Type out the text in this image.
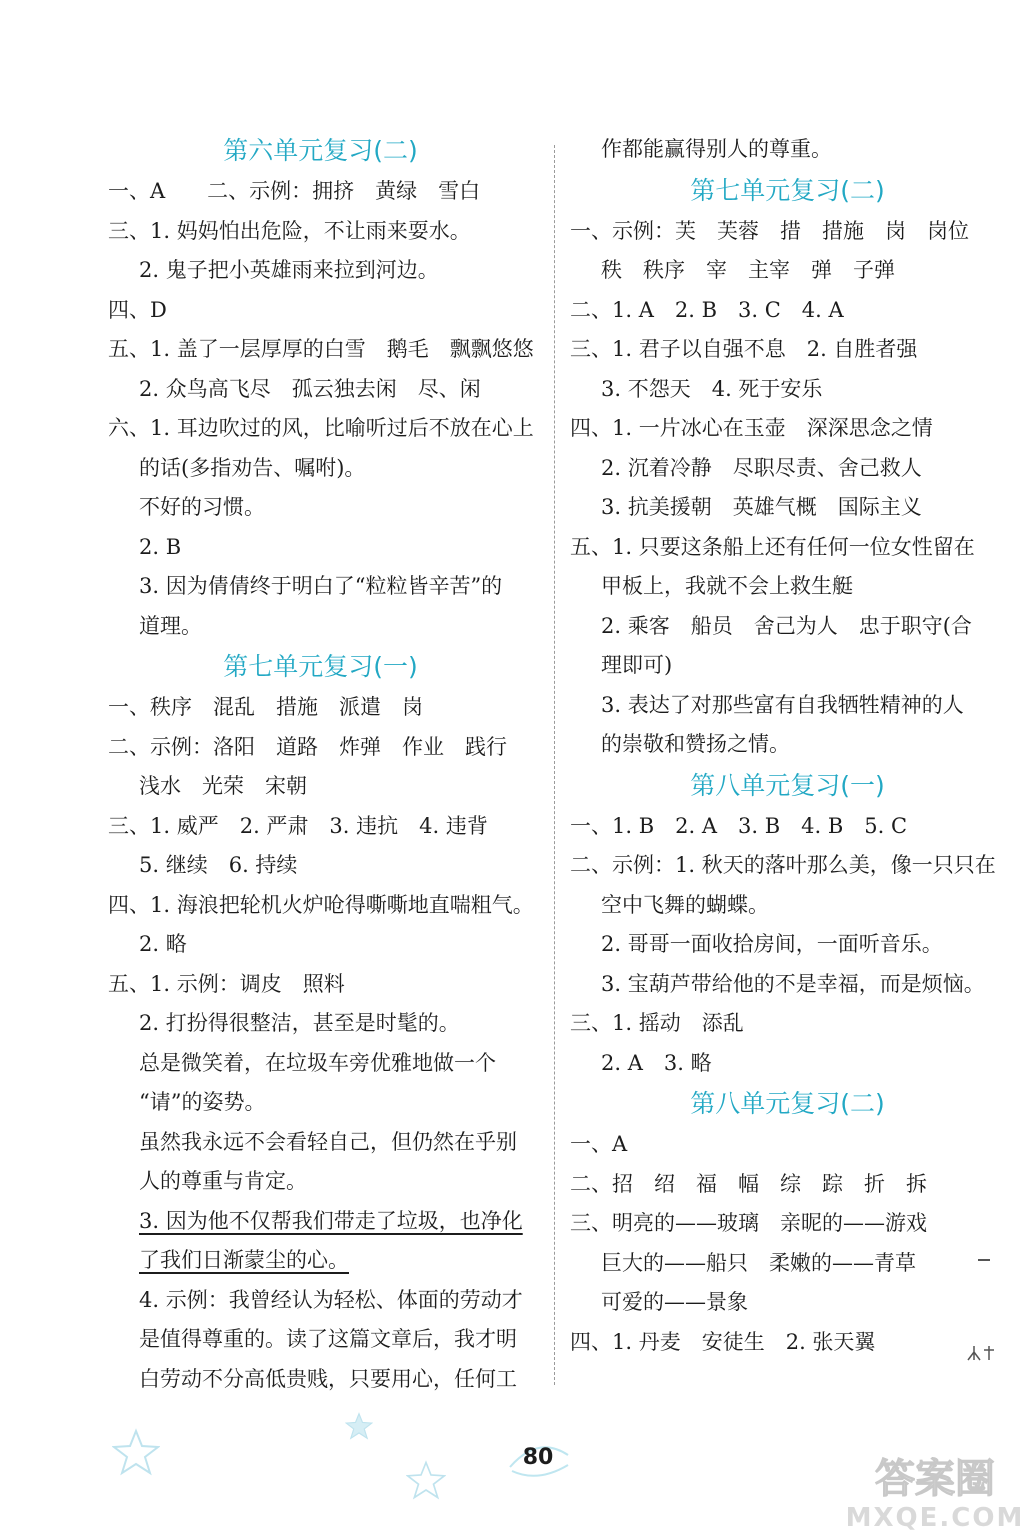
第六单元复习(二)
一、A　　二、示例：拥挤　黄绿　雪白
三、1. 妈妈怕出危险，不让雨来耍水。
2. 鬼子把小英雄雨来拉到河边。
四、D
五、1. 盖了一层厚厚的白雪　鹅毛　飘飘悠悠
2. 众鸟高飞尽　孤云独去闲　尽、闲
六、1. 耳边吹过的风，比喻听过后不放在心上
的话(多指劝告、嘱咐)。
不好的习惯。
2. B
3. 因为倩倩终于明白了“粒粒皆辛苦”的
道理。
第七单元复习(一)
一、秩序　混乱　措施　派遣　岗
二、示例：洛阳　道路　炸弹　作业　践行
浅水　光荣　宋朝
三、1. 威严　2. 严肃　3. 违抗　4. 违背
5. 继续　6. 持续
四、1. 海浪把轮机火炉呛得嘶嘶地直喘粗气。
2. 略
五、1. 示例：调皮　照料
2. 打扮得很整洁，甚至是时髦的。
总是微笑着，在垃圾车旁优雅地做一个
“请”的姿势。
虽然我永远不会看轻自己，但仍然在乎别
人的尊重与肯定。
3. 因为他不仅帮我们带走了垃圾，也净化
了我们日渐蒙尘的心。
4. 示例：我曾经认为轻松、体面的劳动才
是值得尊重的。读了这篇文章后，我才明
白劳动不分高低贵贱，只要用心，任何工
作都能赢得别人的尊重。
第七单元复习(二)
一、示例：芙　芙蓉　措　措施　岗　岗位
秩　秩序　宰　主宰　弹　子弹
二、1. A　2. B　3. C　4. A
三、1. 君子以自强不息　2. 自胜者强
3. 不怨天　4. 死于安乐
四、1. 一片冰心在玉壶　深深思念之情
2. 沉着冷静　尽职尽责、舍己救人
3. 抗美援朝　英雄气概　国际主义
五、1. 只要这条船上还有任何一位女性留在
甲板上，我就不会上救生艇
2. 乘客　船员　舍己为人　忠于职守(合
理即可)
3. 表达了对那些富有自我牺牲精神的人
的崇敬和赞扬之情。
第八单元复习(一)
一、1. B　2. A　3. B　4. B　5. C
二、示例：1. 秋天的落叶那么美，像一只只在
空中飞舞的蝴蝶。
2. 哥哥一面收拾房间，一面听音乐。
3. 宝葫芦带给他的不是幸福，而是烦恼。
三、1. 摇动　添乱
2. A　3. 略
第八单元复习(二)
一、A
二、招　绍　福　幅　综　踪　折　拆
三、明亮的——玻璃　亲昵的——游戏
巨大的——船只　柔嫩的——青草
可爱的——景象
四、1. 丹麦　安徒生　2. 张天翼
80	答案圈
MXQE.COM
